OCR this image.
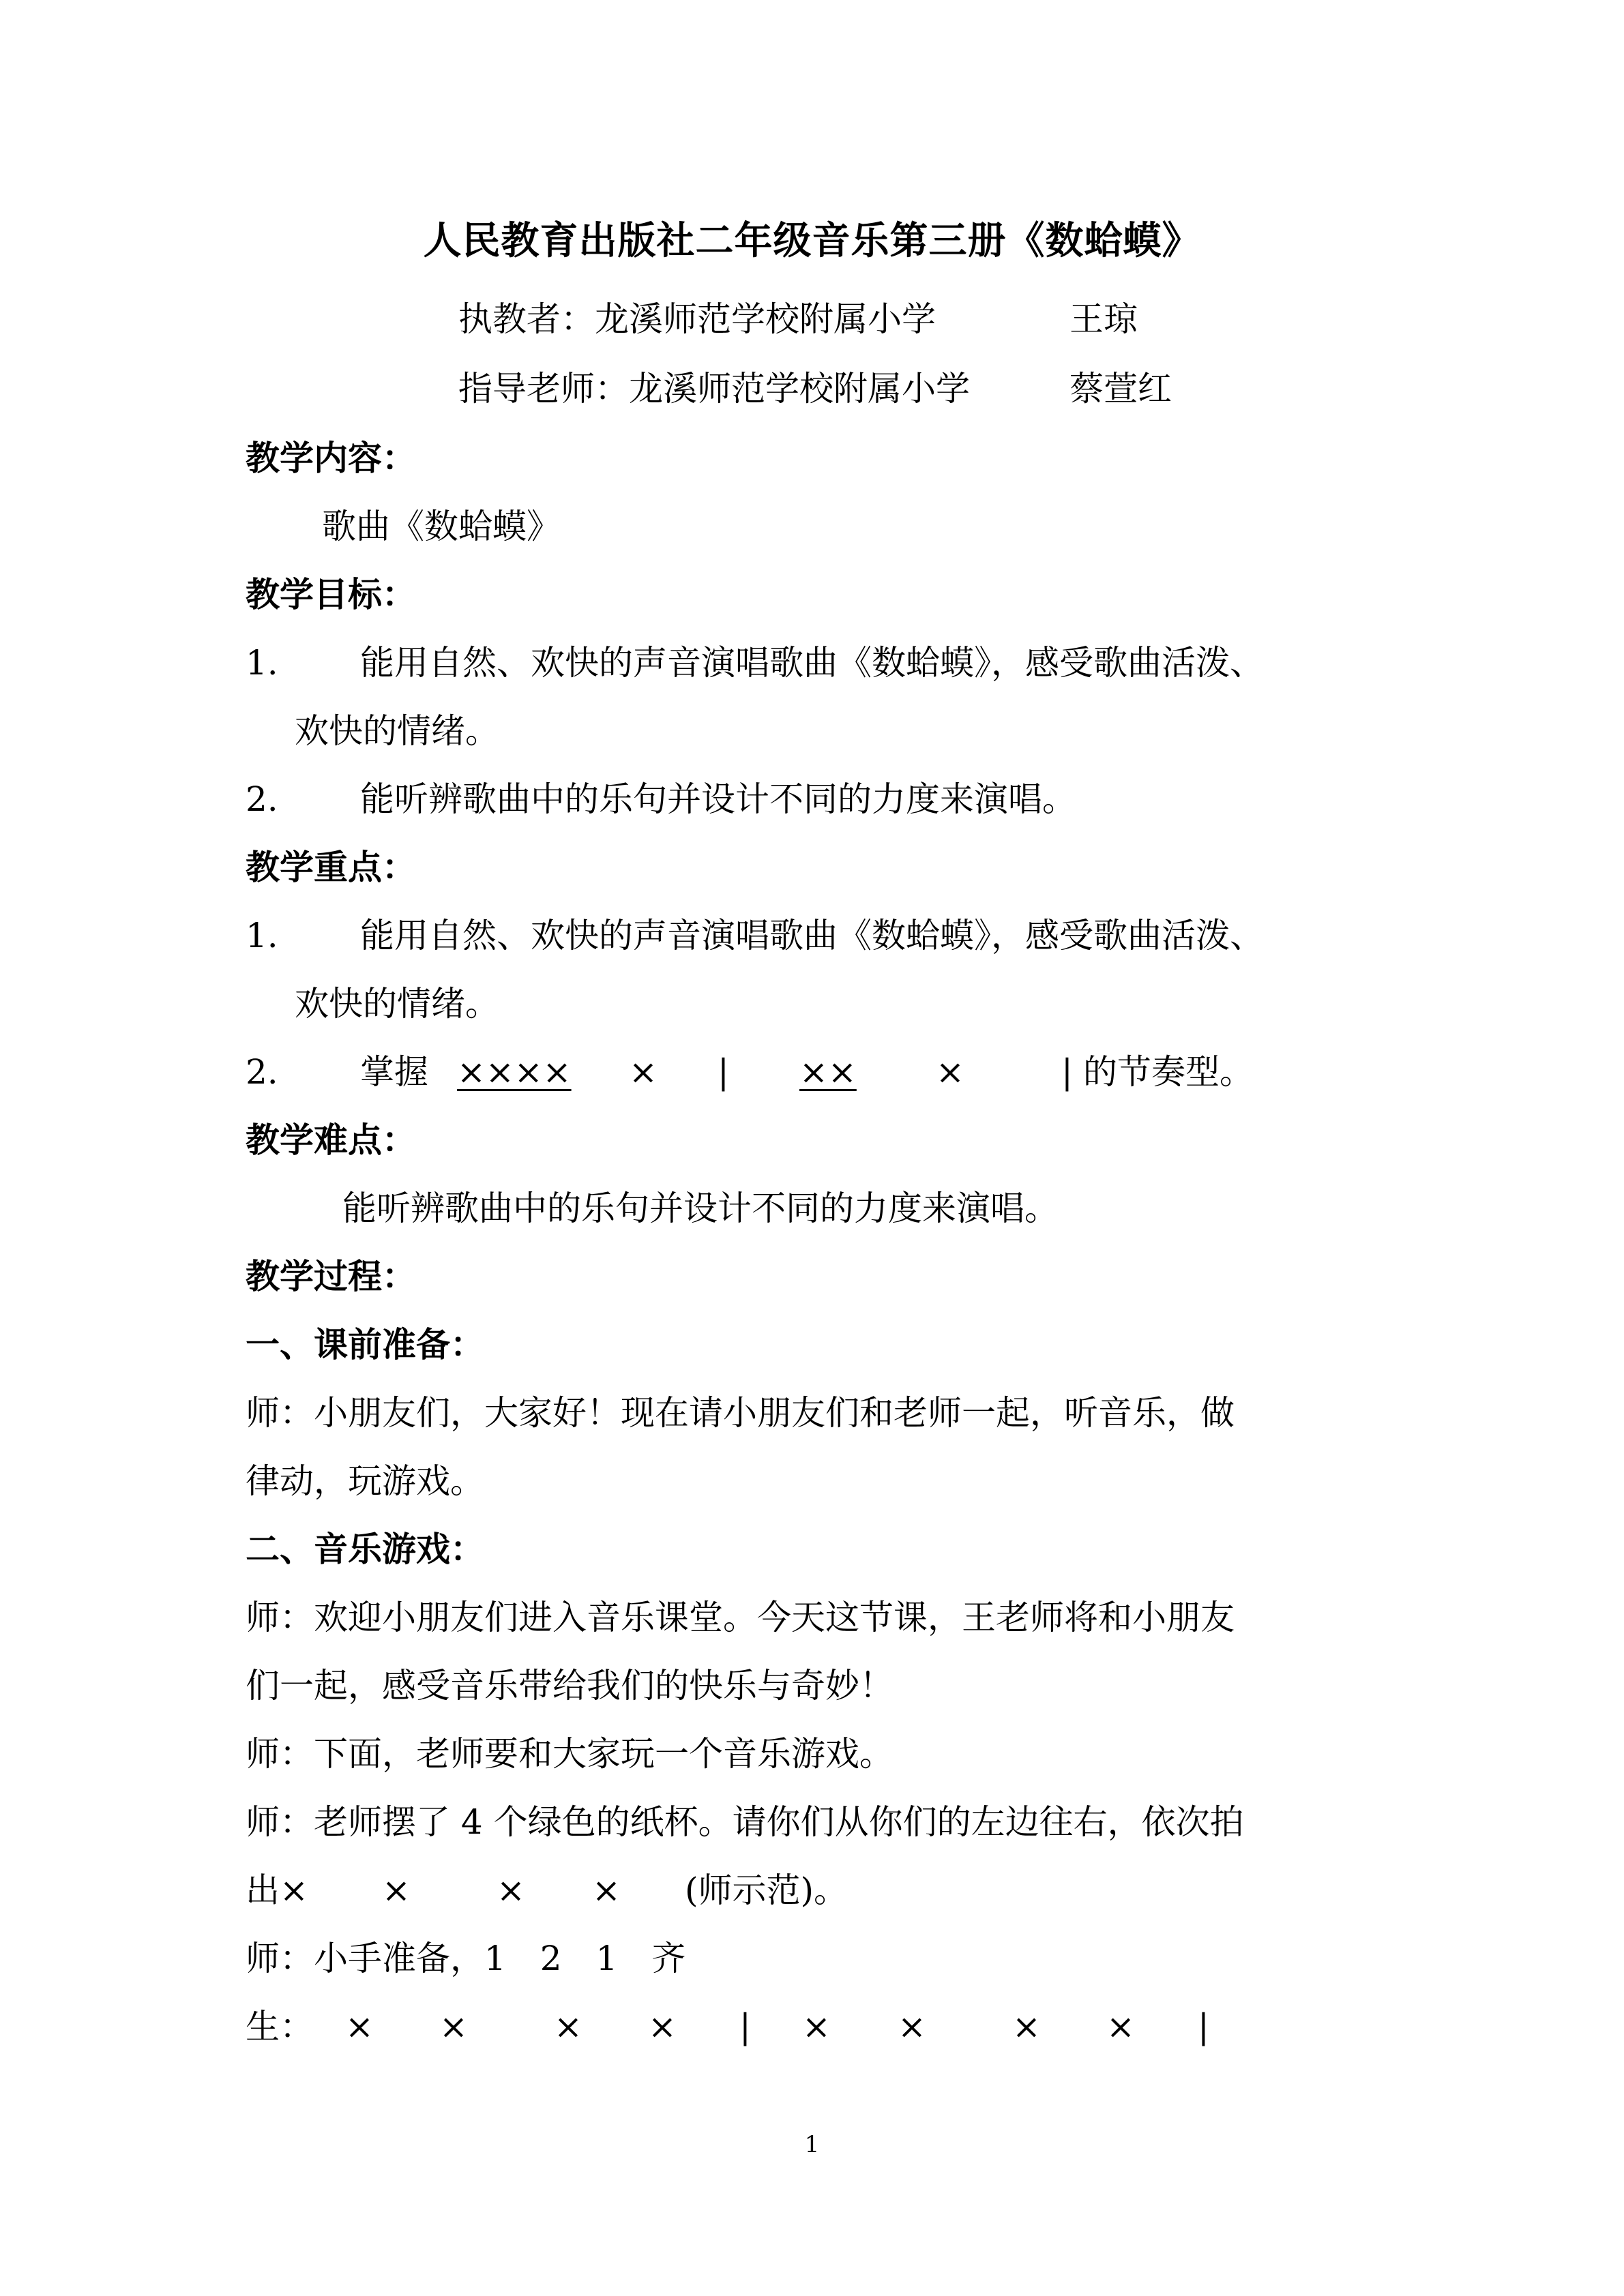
人民教育出版社二年级音乐第三册《数蛤蟆》
执教者：龙溪师范学校附属小学	王琼
指导老师：龙溪师范学校附属小学	蔡萱红
教学内容：
歌曲《数蛤蟆》
教学目标：
1. 能用自然、欢快的声音演唱歌曲《数蛤蟆》，感受歌曲活泼、
欢快的情绪。
2. 能听辨歌曲中的乐句并设计不同的力度来演唱。
教学重点：
1. 能用自然、欢快的声音演唱歌曲《数蛤蟆》，感受歌曲活泼、
欢快的情绪。
2. 掌握 ×××× × | ×× ×	| 的节奏型。
教学难点：
能听辨歌曲中的乐句并设计不同的力度来演唱。
教学过程：
一、课前准备：
师：小朋友们，大家好！现在请小朋友们和老师一起，听音乐，做
律动，玩游戏。
二、音乐游戏：
师：欢迎小朋友们进入音乐课堂。今天这节课，王老师将和小朋友
们一起，感受音乐带给我们的快乐与奇妙！
师：下面，老师要和大家玩一个音乐游戏。
师：老师摆了 4 个绿色的纸杯。请你们从你们的左边往右，依次拍
出× ×	× × (师示范)。
师：小手准备，1　2　1　齐
生： × ×	× × | × ×	× × |
1
